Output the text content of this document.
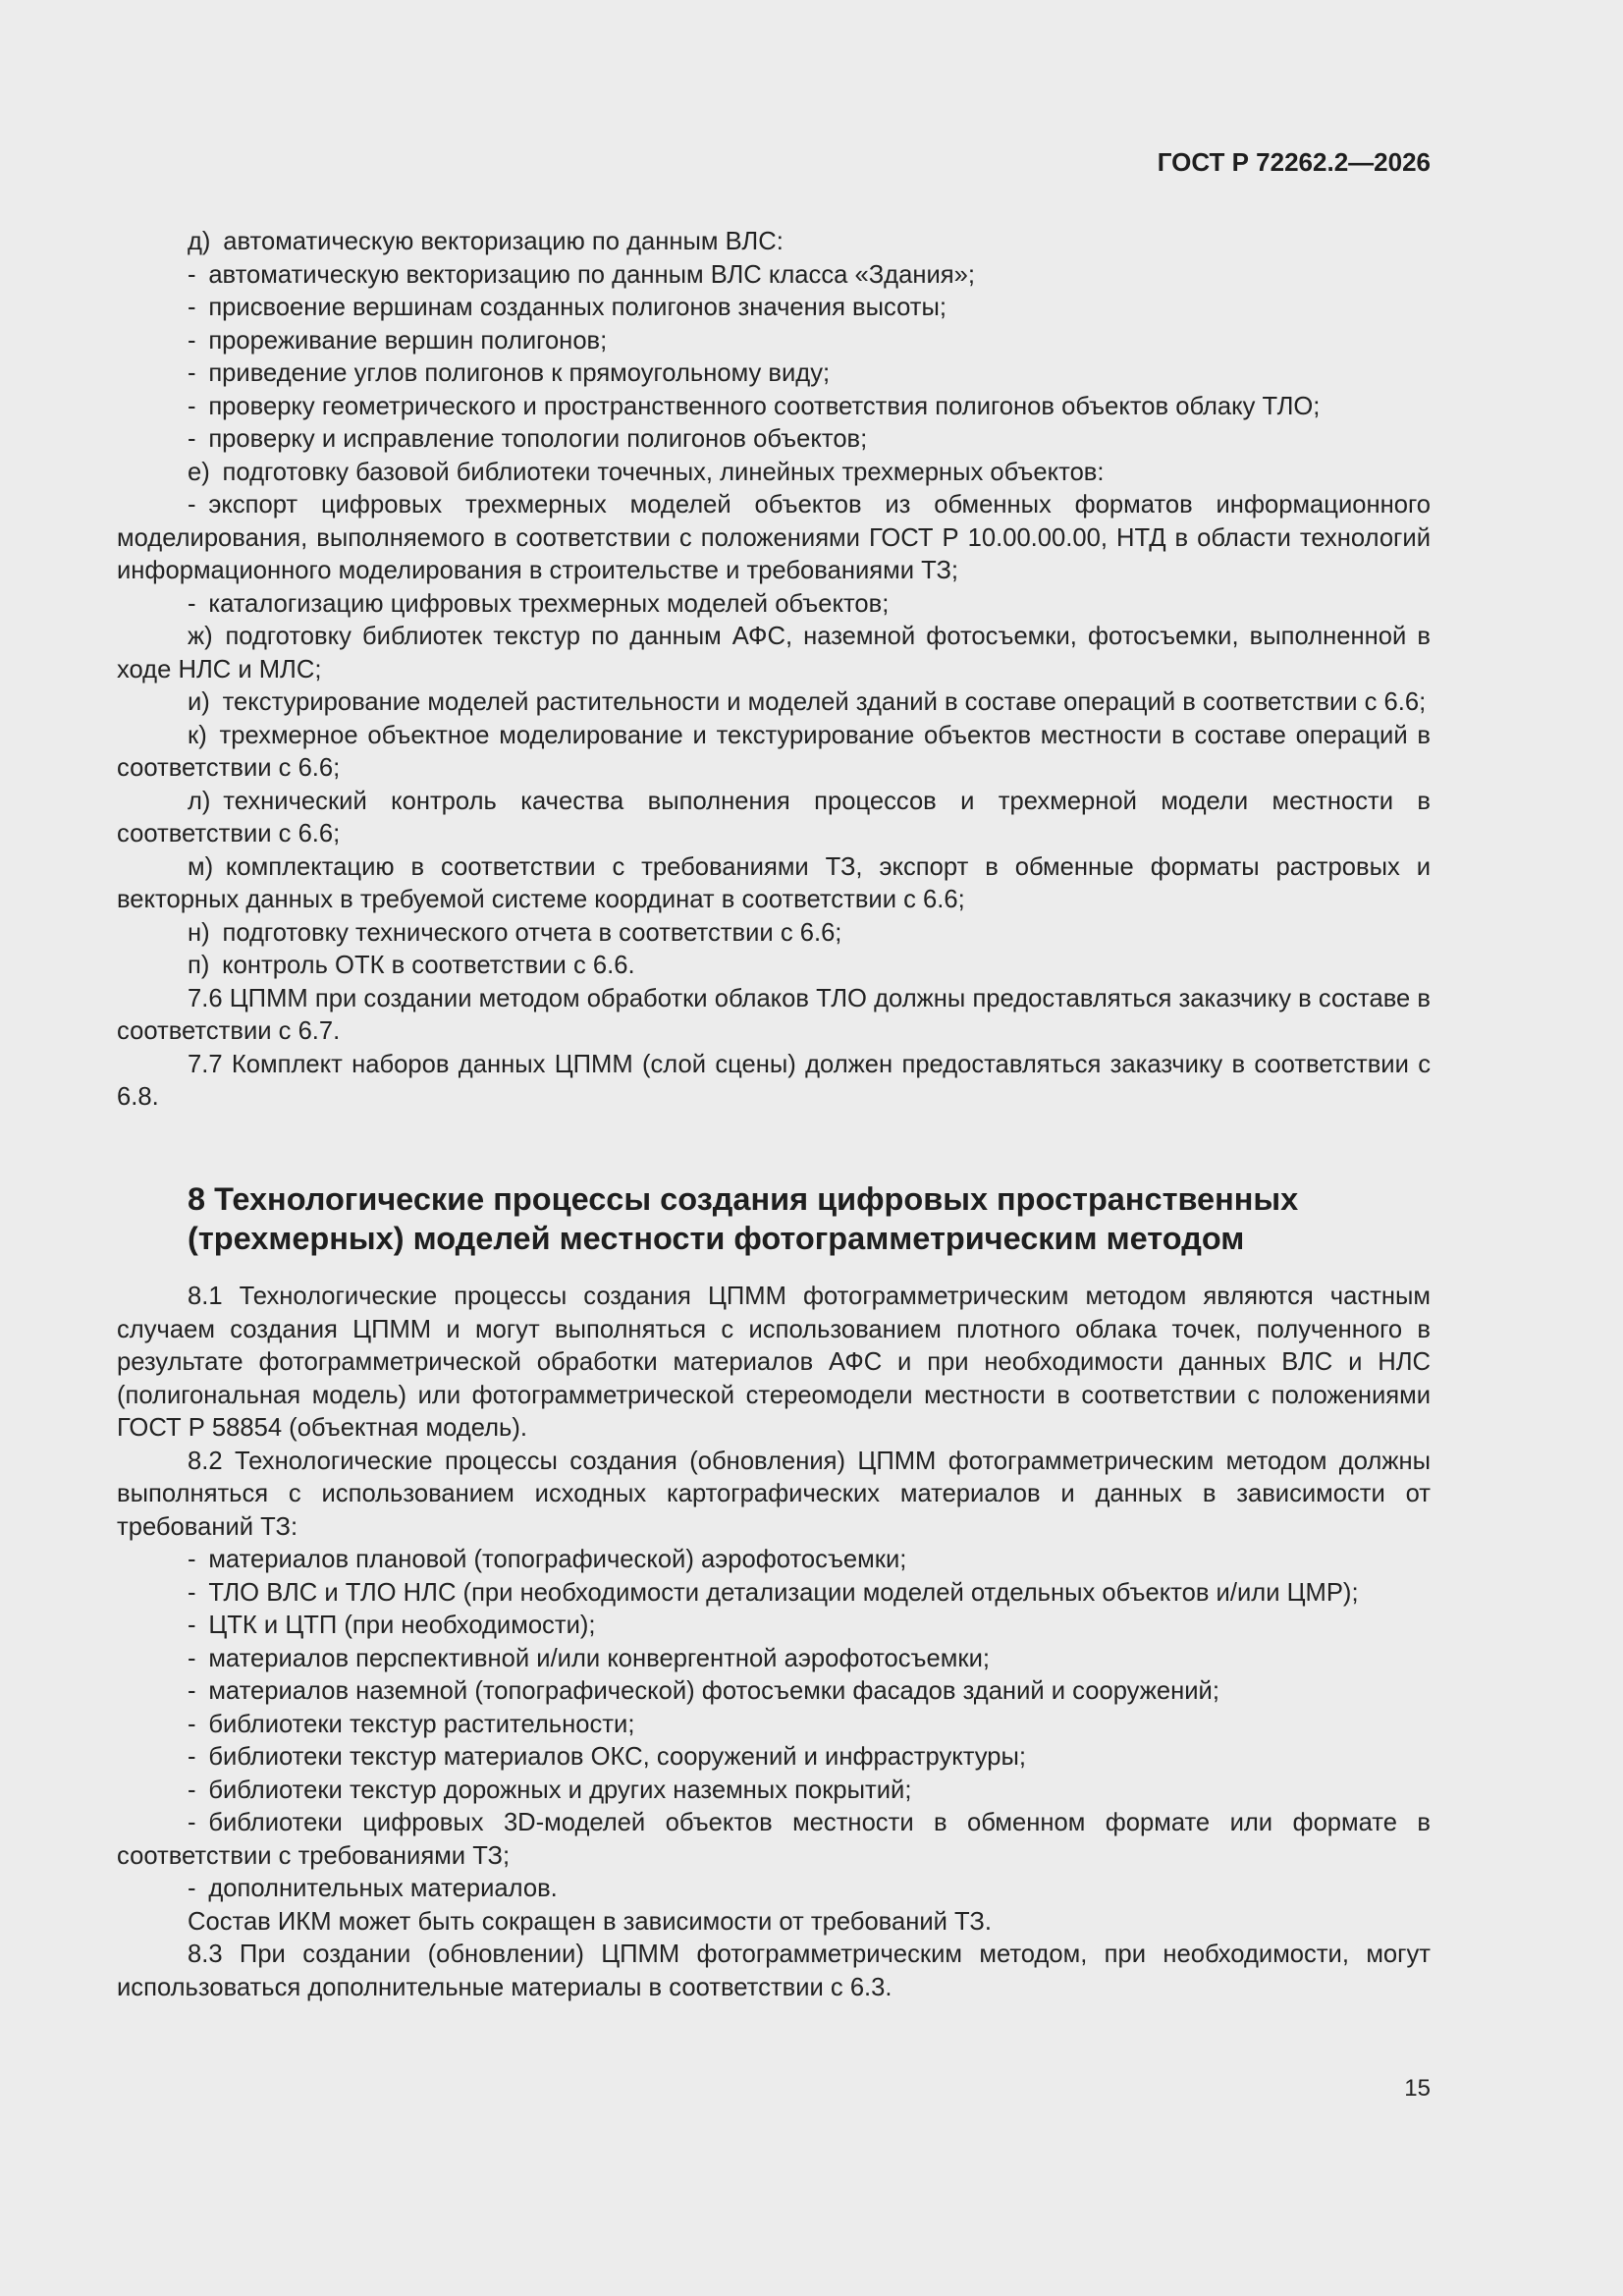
ГОСТ Р 72262.2—2026

д) автоматическую векторизацию по данным ВЛС:

- автоматическую векторизацию по данным ВЛС класса «Здания»;

- присвоение вершинам созданных полигонов значения высоты;

- прореживание вершин полигонов;

- приведение углов полигонов к прямоугольному виду;

- проверку геометрического и пространственного соответствия полигонов объектов облаку ТЛО;

- проверку и исправление топологии полигонов объектов;

е) подготовку базовой библиотеки точечных, линейных трехмерных объектов:

- экспорт цифровых трехмерных моделей объектов из обменных форматов информационного моделирования, выполняемого в соответствии с положениями ГОСТ Р 10.00.00.00, НТД в области технологий информационного моделирования в строительстве и требованиями ТЗ;

- каталогизацию цифровых трехмерных моделей объектов;

ж) подготовку библиотек текстур по данным АФС, наземной фотосъемки, фотосъемки, выполненной в ходе НЛС и МЛС;

и) текстурирование моделей растительности и моделей зданий в составе операций в соответствии с 6.6;

к) трехмерное объектное моделирование и текстурирование объектов местности в составе операций в соответствии с 6.6;

л) технический контроль качества выполнения процессов и трехмерной модели местности в соответствии с 6.6;

м) комплектацию в соответствии с требованиями ТЗ, экспорт в обменные форматы растровых и векторных данных в требуемой системе координат в соответствии с 6.6;

н) подготовку технического отчета в соответствии с 6.6;

п) контроль ОТК в соответствии с 6.6.

7.6 ЦПММ при создании методом обработки облаков ТЛО должны предоставляться заказчику в составе в соответствии с 6.7.

7.7 Комплект наборов данных ЦПММ (слой сцены) должен предоставляться заказчику в соответствии с 6.8.

8 Технологические процессы создания цифровых пространственных
(трехмерных) моделей местности фотограмметрическим методом

8.1 Технологические процессы создания ЦПММ фотограмметрическим методом являются частным случаем создания ЦПММ и могут выполняться с использованием плотного облака точек, полученного в результате фотограмметрической обработки материалов АФС и при необходимости данных ВЛС и НЛС (полигональная модель) или фотограмметрической стереомодели местности в соответствии с положениями ГОСТ Р 58854 (объектная модель).

8.2 Технологические процессы создания (обновления) ЦПММ фотограмметрическим методом должны выполняться с использованием исходных картографических материалов и данных в зависимости от требований ТЗ:

- материалов плановой (топографической) аэрофотосъемки;

- ТЛО ВЛС и ТЛО НЛС (при необходимости детализации моделей отдельных объектов и/или ЦМР);

- ЦТК и ЦТП (при необходимости);

- материалов перспективной и/или конвергентной аэрофотосъемки;

- материалов наземной (топографической) фотосъемки фасадов зданий и сооружений;

- библиотеки текстур растительности;

- библиотеки текстур материалов ОКС, сооружений и инфраструктуры;

- библиотеки текстур дорожных и других наземных покрытий;

- библиотеки цифровых 3D-моделей объектов местности в обменном формате или формате в соответствии с требованиями ТЗ;

- дополнительных материалов.

Состав ИКМ может быть сокращен в зависимости от требований ТЗ.

8.3 При создании (обновлении) ЦПММ фотограмметрическим методом, при необходимости, могут использоваться дополнительные материалы в соответствии с 6.3.

15
